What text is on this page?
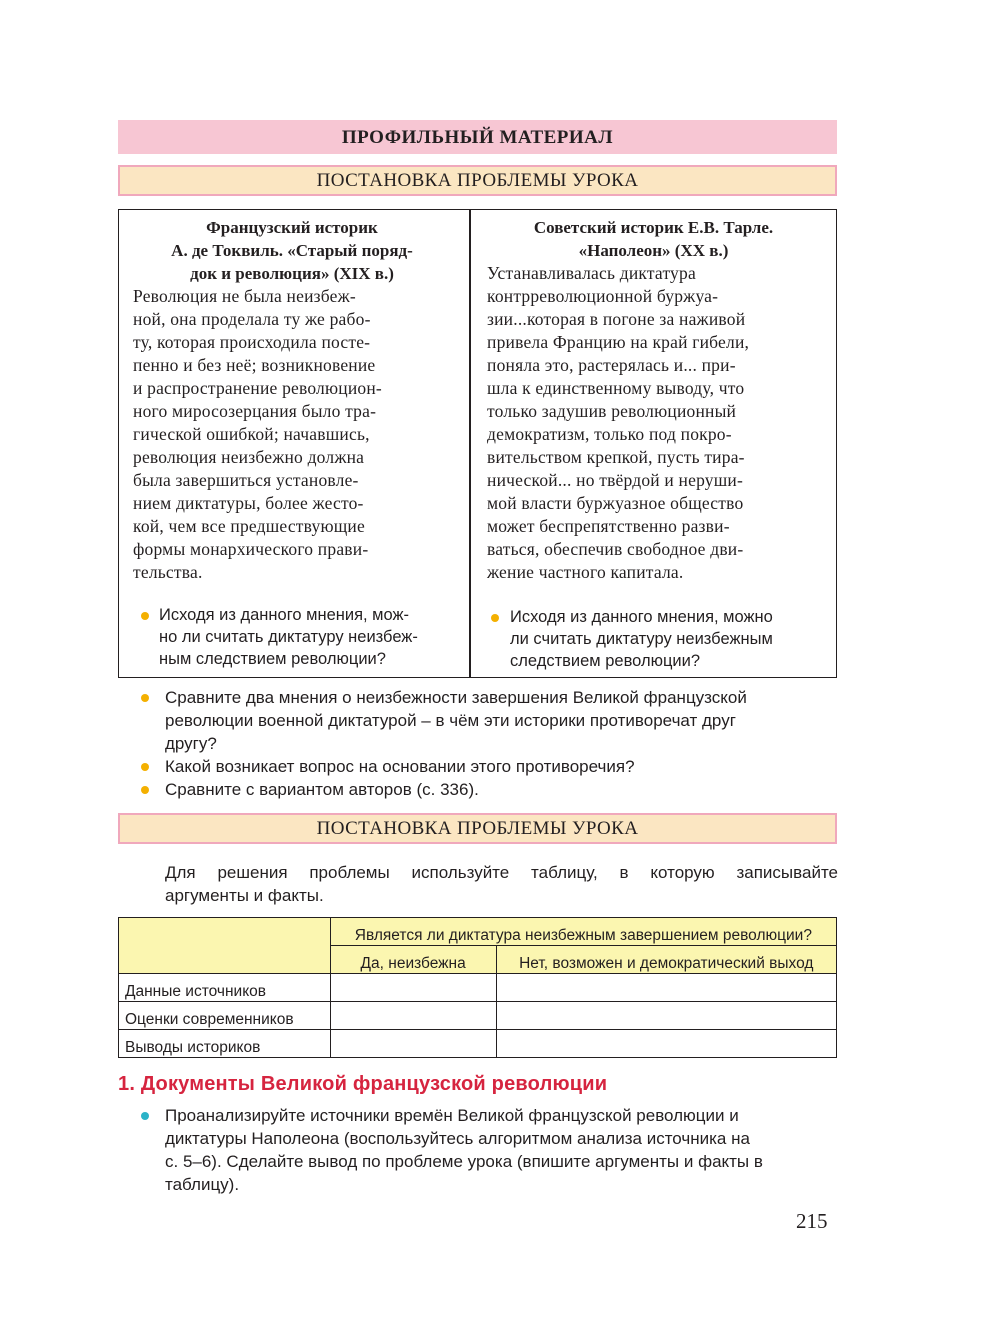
ПРОФИЛЬНЫЙ МАТЕРИАЛ
ПОСТАНОВКА ПРОБЛЕМЫ УРОКА
Французский историк
А. де Токвиль. «Старый поряд-
док и революция» (XIX в.)
Революция не была неизбеж-
ной, она проделала ту же рабо-
ту, которая происходила посте-
пенно и без неё; возникновение
и распространение революцион-
ного миросозерцания было тра-
гической ошибкой; начавшись,
революция неизбежно должна
была завершиться установле-
нием диктатуры, более жесто-
кой, чем все предшествующие
формы монархического прави-
тельства.
Советский историк Е.В. Тарле.
«Наполеон» (XX в.)
Устанавливалась диктатура
контрреволюционной буржуа-
зии...которая в погоне за наживой
привела Францию на край гибели,
поняла это, растерялась и... при-
шла к единственному выводу, что
только задушив революционный
демократизм, только под покро-
вительством крепкой, пусть тира-
нической... но твёрдой и неруши-
мой власти буржуазное общество
может беспрепятственно разви-
ваться, обеспечив свободное дви-
жение частного капитала.
Исходя из данного мнения, мож-
но ли считать диктатуру неизбеж-
ным следствием революции?
Исходя из данного мнения, можно
ли считать диктатуру неизбежным
следствием революции?
Сравните два мнения о неизбежности завершения Великой французской
революции военной диктатурой – в чём эти историки противоречат друг
другу?
Какой возникает вопрос на основании этого противоречия?
Сравните с вариантом авторов (с. 336).
ПОСТАНОВКА ПРОБЛЕМЫ УРОКА
Для решения проблемы используйте таблицу, в которую записывайте
аргументы и факты.
	Является ли диктатура неизбежным завершением революции?	
	Да, неизбежна	Нет, возможен и демократический выход
Данные источников		
Оценки современников		
Выводы историков		
1. Документы Великой французской революции
Проанализируйте источники времён Великой французской революции и
диктатуры Наполеона (воспользуйтесь алгоритмом анализа источника на
с. 5–6). Сделайте вывод по проблеме урока (впишите аргументы и факты в
таблицу).
215
